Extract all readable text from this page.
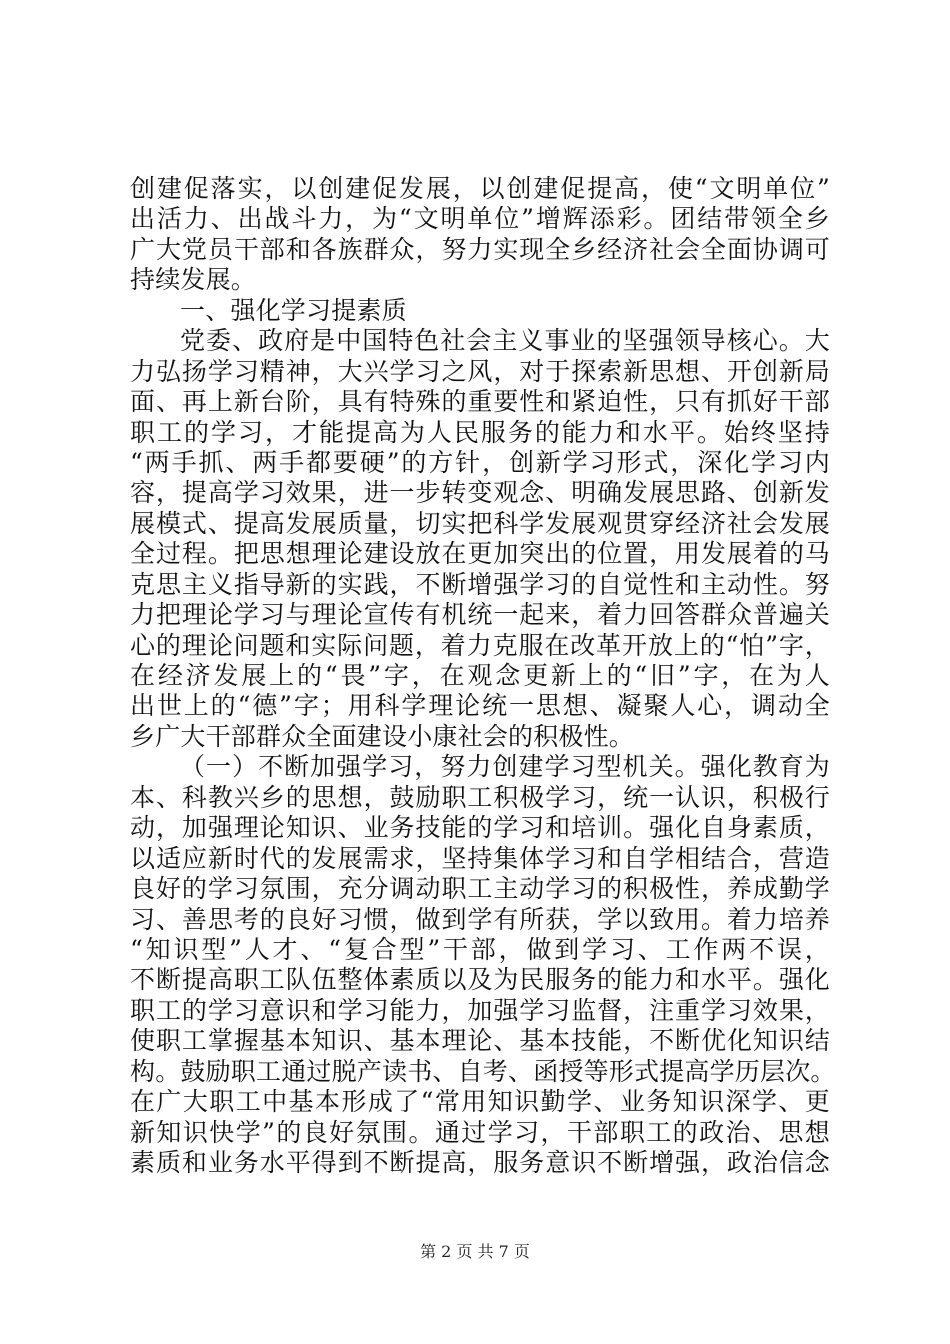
创建促落实，以创建促发展，以创建促提高，使“文明单位”
出活力、出战斗力，为“文明单位”增辉添彩。团结带领全乡
广大党员干部和各族群众，努力实现全乡经济社会全面协调可
持续发展。
一、强化学习提素质
党委、政府是中国特色社会主义事业的坚强领导核心。大
力弘扬学习精神，大兴学习之风，对于探索新思想、开创新局
面、再上新台阶，具有特殊的重要性和紧迫性，只有抓好干部
职工的学习，才能提高为人民服务的能力和水平。始终坚持
“两手抓、两手都要硬”的方针，创新学习形式，深化学习内
容，提高学习效果，进一步转变观念、明确发展思路、创新发
展模式、提高发展质量，切实把科学发展观贯穿经济社会发展
全过程。把思想理论建设放在更加突出的位置，用发展着的马
克思主义指导新的实践，不断增强学习的自觉性和主动性。努
力把理论学习与理论宣传有机统一起来，着力回答群众普遍关
心的理论问题和实际问题，着力克服在改革开放上的“怕”字，
在经济发展上的“畏”字，在观念更新上的“旧”字，在为人
出世上的“德”字；用科学理论统一思想、凝聚人心，调动全
乡广大干部群众全面建设小康社会的积极性。
（一）不断加强学习，努力创建学习型机关。强化教育为
本、科教兴乡的思想，鼓励职工积极学习，统一认识，积极行
动，加强理论知识、业务技能的学习和培训。强化自身素质，
以适应新时代的发展需求，坚持集体学习和自学相结合，营造
良好的学习氛围，充分调动职工主动学习的积极性，养成勤学
习、善思考的良好习惯，做到学有所获，学以致用。着力培养
“知识型”人才、“复合型”干部，做到学习、工作两不误，
不断提高职工队伍整体素质以及为民服务的能力和水平。强化
职工的学习意识和学习能力，加强学习监督，注重学习效果，
使职工掌握基本知识、基本理论、基本技能，不断优化知识结
构。鼓励职工通过脱产读书、自考、函授等形式提高学历层次。
在广大职工中基本形成了“常用知识勤学、业务知识深学、更
新知识快学”的良好氛围。通过学习，干部职工的政治、思想
素质和业务水平得到不断提高，服务意识不断增强，政治信念
第 2 页 共 7 页
